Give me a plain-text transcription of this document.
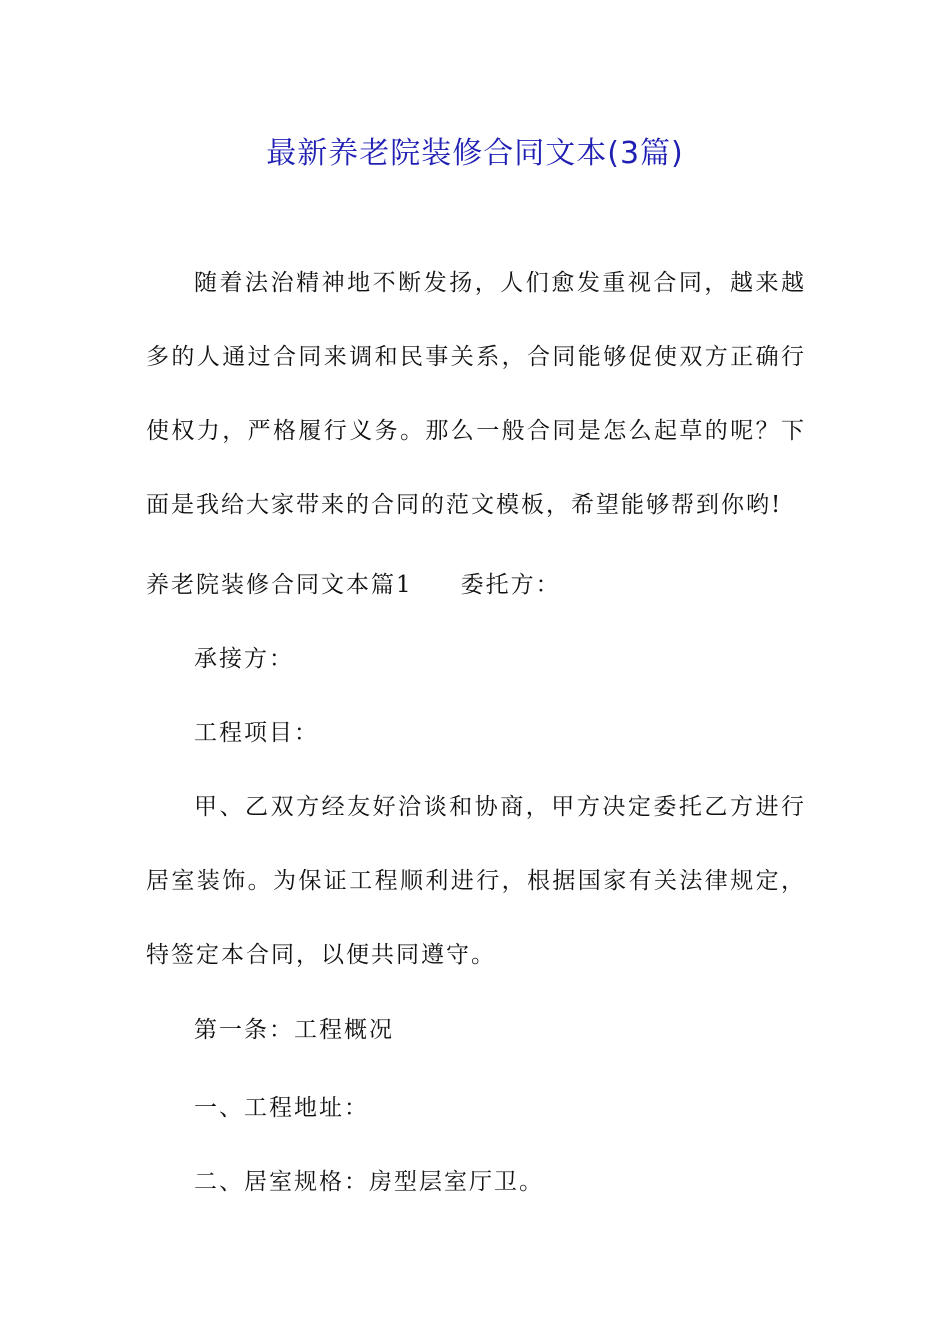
最新养老院装修合同文本(3篇)

随着法治精神地不断发扬，人们愈发重视合同，越来越多的人通过合同来调和民事关系，合同能够促使双方正确行使权力，严格履行义务。那么一般合同是怎么起草的呢？下面是我给大家带来的合同的范文模板，希望能够帮到你哟!

养老院装修合同文本篇1 委托方：

承接方：

工程项目：

甲、乙双方经友好洽谈和协商，甲方决定委托乙方进行居室装饰。为保证工程顺利进行，根据国家有关法律规定，特签定本合同，以便共同遵守。

第一条：工程概况

一、工程地址：

二、居室规格：房型层室厅卫。
